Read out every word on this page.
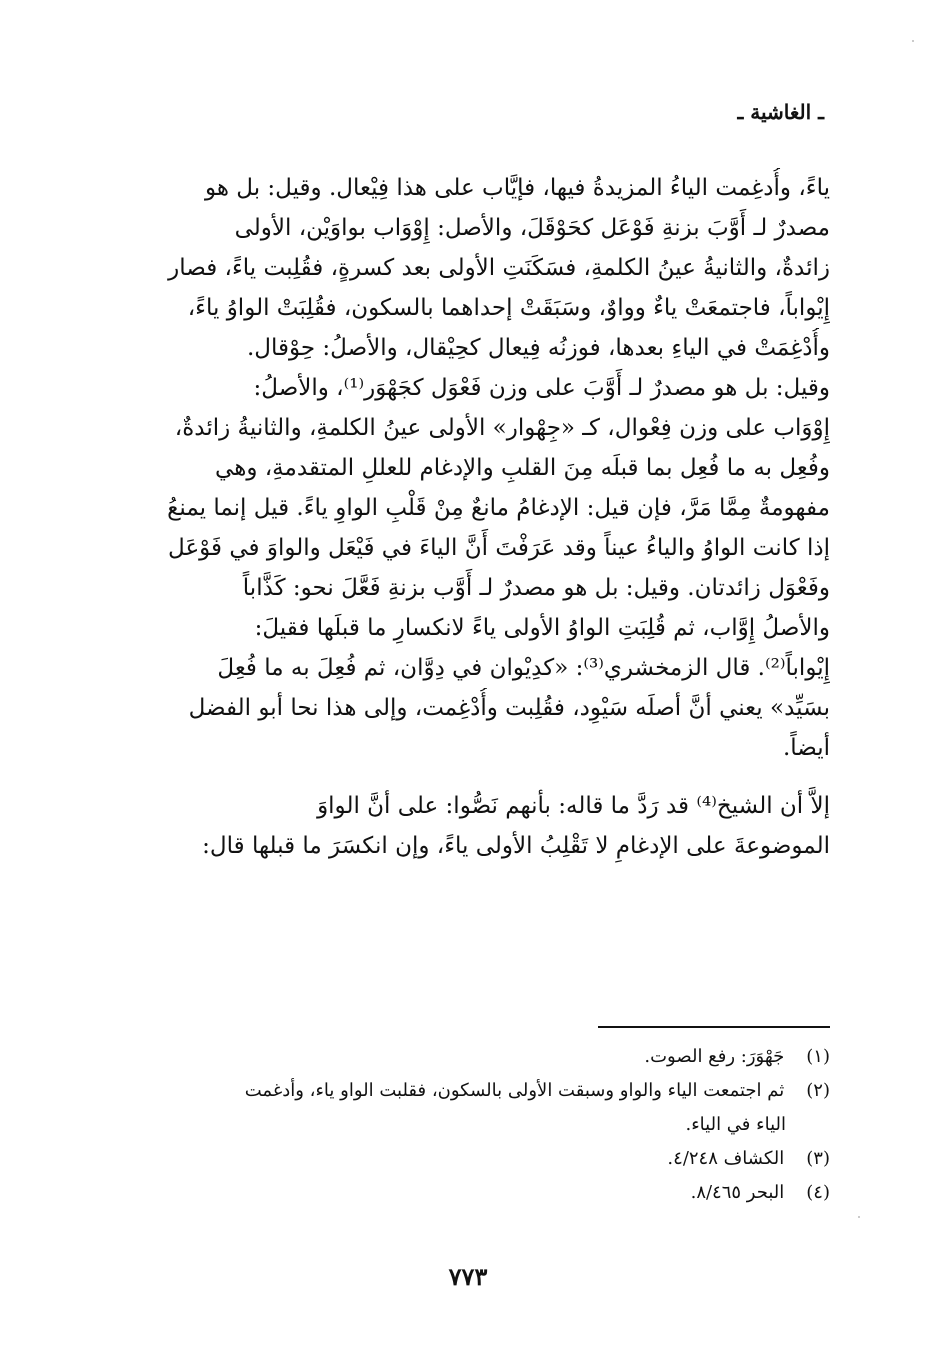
ـ الغاشية ـ
ياءً، وأُدغِمت الياءُ المزيدةُ فيها، فإيَّاب على هذا فِيْعال. وقيل: بل هو
مصدرٌ لـ أَوَّبَ بزنةِ فَوْعَل كحَوْقَلَ، والأصل: إِوْوَاب بواوَيْن، الأولى
زائدةٌ، والثانيةُ عينُ الكلمةِ، فسَكَنَتِ الأولى بعد كسرةٍ، فقُلِبت ياءً، فصار
إِيْواباً، فاجتمعَتْ ياءٌ وواوٌ، وسَبَقَتْ إحداهما بالسكون، فقُلِبَتْ الواوُ ياءً،
وأُدْغِمَتْ في الياءِ بعدها، فوزنُه فِيعال كحِيْقال، والأصلُ: حِوْقال.
وقيل: بل هو مصدرٌ لـ أَوَّبَ على وزن فَعْوَل كجَهْوَر⁽¹⁾، والأصلُ:
إِوْوَاب على وزن فِعْوال، كـ «جِهْوار» الأولى عينُ الكلمةِ، والثانيةُ زائدةٌ،
وفُعِل به ما فُعِل بما قبلَه مِنَ القلبِ والإدغام للعللِ المتقدمةِ، وهي
مفهومةٌ مِمَّا مَرَّ، فإن قيل: الإدغامُ مانعٌ مِنْ قَلْبِ الواوِ ياءً. قيل إنما يمنعُ
إذا كانت الواوُ والياءُ عيناً وقد عَرَفْتَ أَنَّ الياءَ في فَيْعَل والواوَ في فَوْعَل
وفَعْوَل زائدتان. وقيل: بل هو مصدرٌ لـ أَوَّب بزنةِ فَعَّلَ نحو: كَذَّاباً
والأصلُ إِوَّاب، ثم قُلِبَتِ الواوُ الأولى ياءً لانكسارِ ما قبلَها فقيلَ:
إِيْواباً⁽²⁾. قال الزمخشري⁽³⁾: «كدِيْوان في دِوَّان، ثم فُعِلَ به ما فُعِلَ
بسَيِّد» يعني أنَّ أصلَه سَيْوِد، فقُلِبت وأُدْغِمت، وإلى هذا نحا أبو الفضل
أيضاً.
إلاَّ أن الشيخ⁽⁴⁾ قد رَدَّ ما قاله: بأنهم نَصُّوا: على أنَّ الواوَ
الموضوعةَ على الإدغامِ لا تَقْلِبُ الأولى ياءً، وإن انكسَرَ ما قبلها قال:
(١) جَهْوَرَ: رفع الصوت.
(٢) ثم اجتمعت الياء والواو وسبقت الأولى بالسكون، فقلبت الواو ياء، وأدغمت
الياء في الياء.
(٣) الكشاف ٤/٢٤٨.
(٤) البحر ٨/٤٦٥.
٧٧٣
